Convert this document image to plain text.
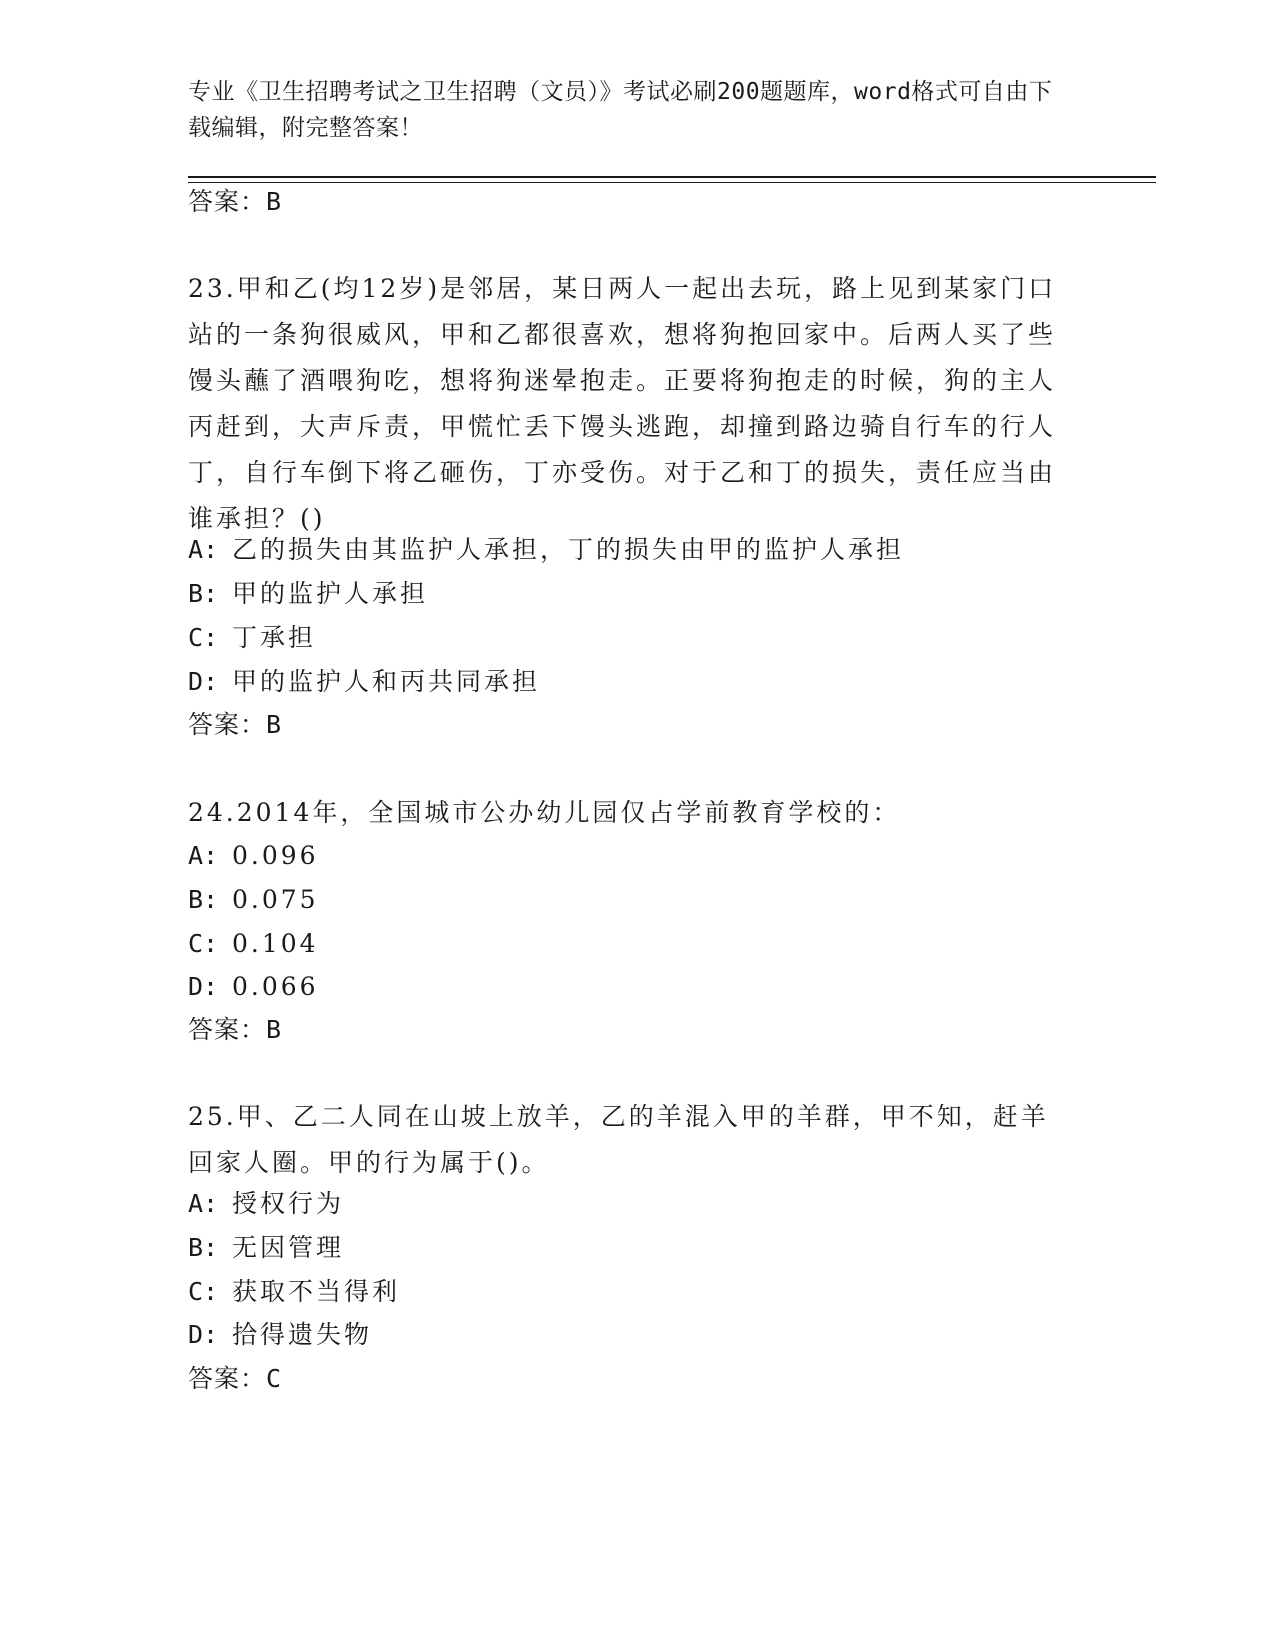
专业《卫生招聘考试之卫生招聘（文员）》考试必刷200题题库，word格式可自由下载编辑，附完整答案！
答案：B
23.甲和乙(均12岁)是邻居，某日两人一起出去玩，路上见到某家门口站的一条狗很威风，甲和乙都很喜欢，想将狗抱回家中。后两人买了些馒头蘸了酒喂狗吃，想将狗迷晕抱走。正要将狗抱走的时候，狗的主人丙赶到，大声斥责，甲慌忙丢下馒头逃跑，却撞到路边骑自行车的行人丁，自行车倒下将乙砸伤，丁亦受伤。对于乙和丁的损失，责任应当由谁承担？()
A: 乙的损失由其监护人承担，丁的损失由甲的监护人承担
B: 甲的监护人承担
C: 丁承担
D: 甲的监护人和丙共同承担
答案：B
24.2014年，全国城市公办幼儿园仅占学前教育学校的：
A: 0.096
B: 0.075
C: 0.104
D: 0.066
答案：B
25.甲、乙二人同在山坡上放羊，乙的羊混入甲的羊群，甲不知，赶羊回家人圈。甲的行为属于()。
A: 授权行为
B: 无因管理
C: 获取不当得利
D: 拾得遗失物
答案：C
